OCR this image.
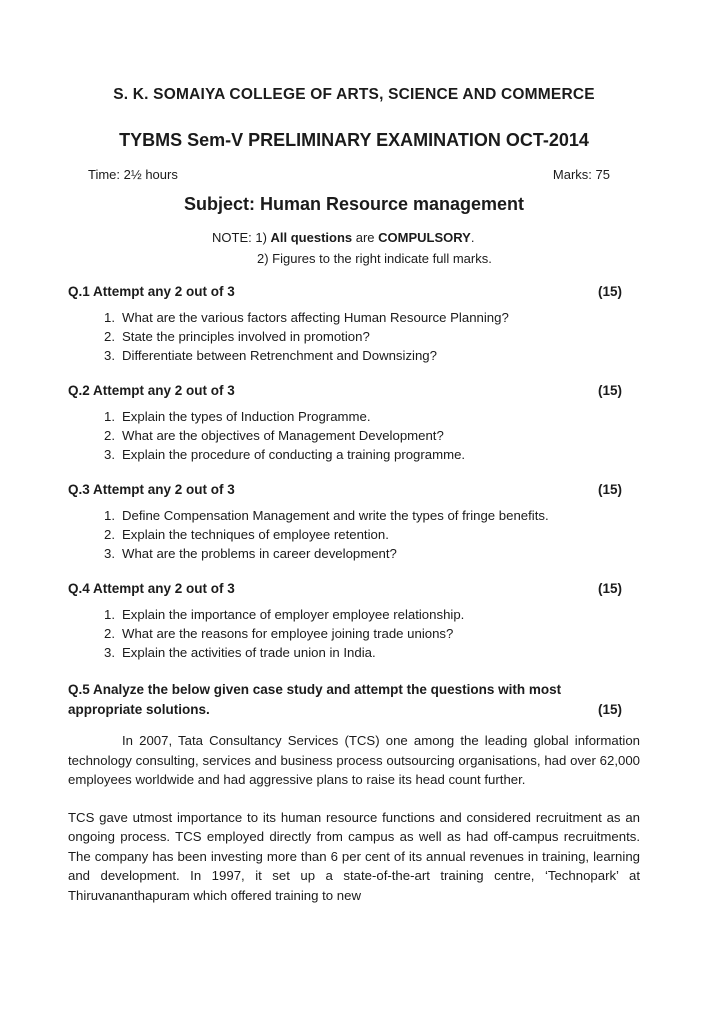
S. K. SOMAIYA COLLEGE OF ARTS, SCIENCE AND COMMERCE
TYBMS Sem-V PRELIMINARY EXAMINATION OCT-2014
Time: 2½ hours	Marks: 75
Subject: Human Resource management
NOTE: 1) All questions are COMPULSORY.
2) Figures to the right indicate full marks.
Q.1 Attempt any 2 out of 3	(15)
1. What are the various factors affecting Human Resource Planning?
2. State the principles involved in promotion?
3. Differentiate between Retrenchment and Downsizing?
Q.2 Attempt any 2 out of 3	(15)
1. Explain the types of Induction Programme.
2. What are the objectives of Management Development?
3. Explain the procedure of conducting a training programme.
Q.3 Attempt any 2 out of 3	(15)
1. Define Compensation Management and write the types of fringe benefits.
2. Explain the techniques of employee retention.
3. What are the problems in career development?
Q.4 Attempt any 2 out of 3	(15)
1. Explain the importance of employer employee relationship.
2. What are the reasons for employee joining trade unions?
3. Explain the activities of trade union in India.
Q.5 Analyze the below given case study and attempt the questions with most
appropriate solutions.	(15)
In 2007, Tata Consultancy Services (TCS) one among the leading global information technology consulting, services and business process outsourcing organisations, had over 62,000 employees worldwide and had aggressive plans to raise its head count further.
TCS gave utmost importance to its human resource functions and considered recruitment as an ongoing process. TCS employed directly from campus as well as had off-campus recruitments. The company has been investing more than 6 per cent of its annual revenues in training, learning and development. In 1997, it set up a state-of-the-art training centre, ‘Technopark’ at Thiruvananthapuram which offered training to new
